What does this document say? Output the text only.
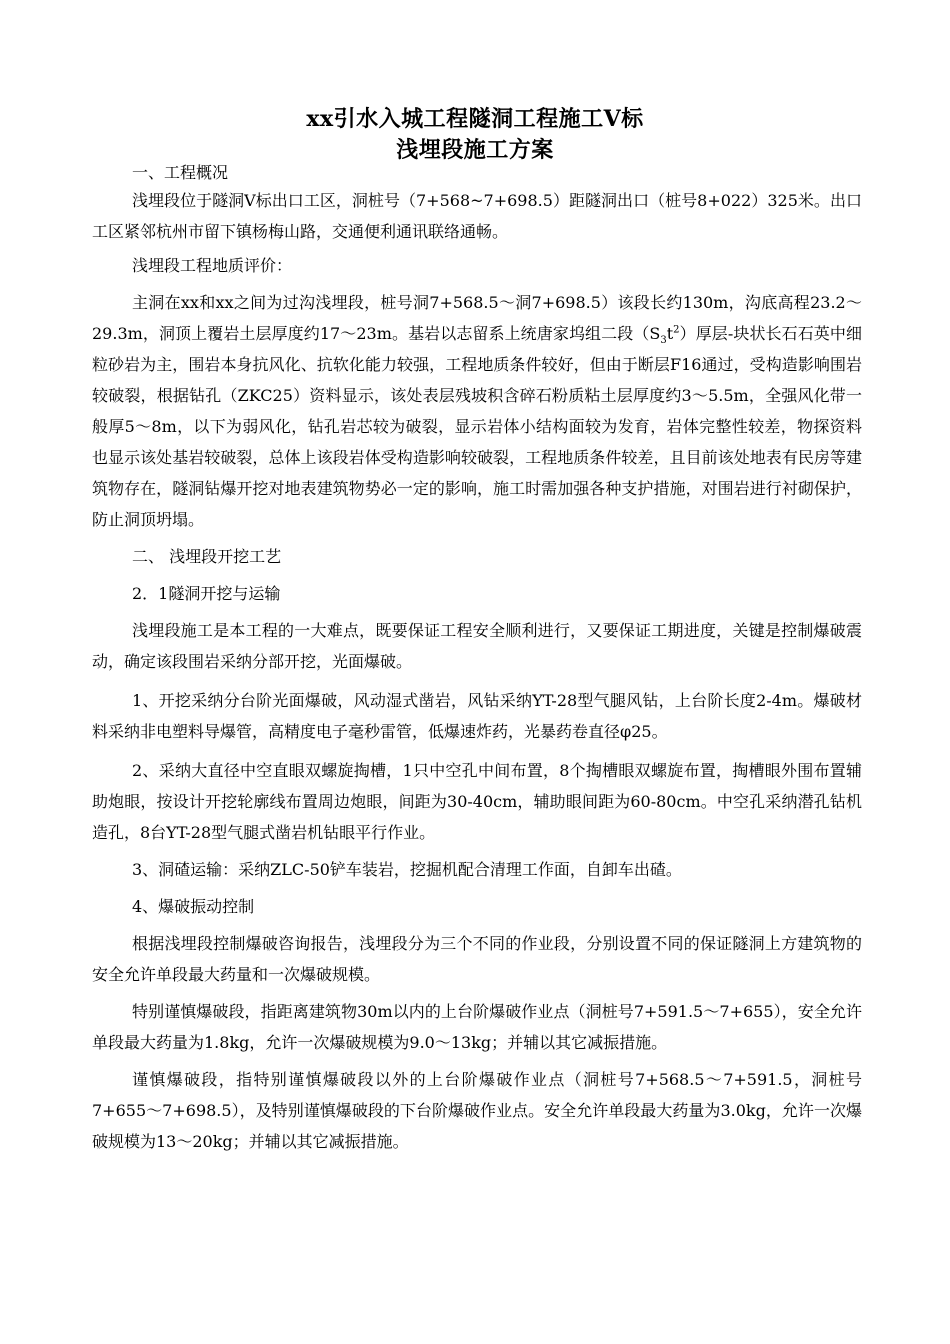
xx引水入城工程隧洞工程施工Ⅴ标
浅埋段施工方案

一、工程概况

浅埋段位于隧洞Ⅴ标出口工区，洞桩号（7+568~7+698.5）距隧洞出口（桩号8+022）325米。出口工区紧邻杭州市留下镇杨梅山路，交通便利通讯联络通畅。

浅埋段工程地质评价：

主洞在xx和xx之间为过沟浅埋段，桩号洞7+568.5～洞7+698.5）该段长约130m，沟底高程23.2～29.3m，洞顶上覆岩土层厚度约17～23m。基岩以志留系上统唐家坞组二段$(S_3t^2)$厚层-块状长石石英中细粒砂岩为主，围岩本身抗风化、抗软化能力较强，工程地质条件较好，但由于断层F16通过，受构造影响围岩较破裂，根据钻孔（ZKC25）资料显示，该处表层残坡积含碎石粉质粘土层厚度约3～5.5m，全强风化带一般厚5～8m，以下为弱风化，钻孔岩芯较为破裂，显示岩体小结构面较为发育，岩体完整性较差，物探资料也显示该处基岩较破裂，总体上该段岩体受构造影响较破裂，工程地质条件较差，且目前该处地表有民房等建筑物存在，隧洞钻爆开挖对地表建筑物势必一定的影响，施工时需加强各种支护措施，对围岩进行衬砌保护，防止洞顶坍塌。

二、 浅埋段开挖工艺

2．1隧洞开挖与运输

浅埋段施工是本工程的一大难点，既要保证工程安全顺利进行，又要保证工期进度，关键是控制爆破震动，确定该段围岩采纳分部开挖，光面爆破。

1、开挖采纳分台阶光面爆破，风动湿式凿岩，风钻采纳YT-28型气腿风钻，上台阶长度2-4m。爆破材料采纳非电塑料导爆管，高精度电子毫秒雷管，低爆速炸药，光暴药卷直径φ25。

2、采纳大直径中空直眼双螺旋掏槽，1只中空孔中间布置，8个掏槽眼双螺旋布置，掏槽眼外围布置辅助炮眼，按设计开挖轮廓线布置周边炮眼，间距为30-40cm，辅助眼间距为60-80cm。中空孔采纳潜孔钻机造孔，8台YT-28型气腿式凿岩机钻眼平行作业。

3、洞碴运输：采纳ZLC-50铲车装岩，挖掘机配合清理工作面，自卸车出碴。

4、爆破振动控制

根据浅埋段控制爆破咨询报告，浅埋段分为三个不同的作业段，分别设置不同的保证隧洞上方建筑物的安全允许单段最大药量和一次爆破规模。

特别谨慎爆破段，指距离建筑物30m以内的上台阶爆破作业点（洞桩号7+591.5～7+655），安全允许单段最大药量为1.8kg，允许一次爆破规模为9.0～13kg；并辅以其它减振措施。

谨慎爆破段，指特别谨慎爆破段以外的上台阶爆破作业点（洞桩号7+568.5～7+591.5，洞桩号7+655～7+698.5），及特别谨慎爆破段的下台阶爆破作业点。安全允许单段最大药量为3.0kg，允许一次爆破规模为13～20kg；并辅以其它减振措施。
